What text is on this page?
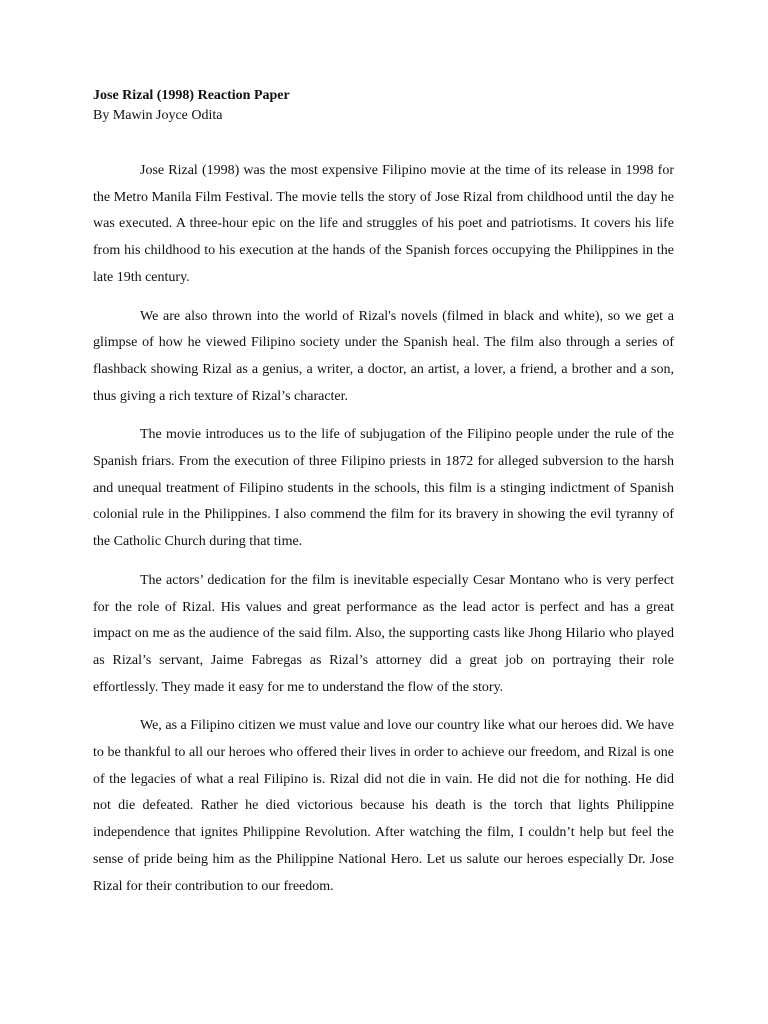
Jose Rizal (1998) Reaction Paper

By Mawin Joyce Odita

Jose Rizal (1998) was the most expensive Filipino movie at the time of its release in 1998 for the Metro Manila Film Festival. The movie tells the story of Jose Rizal from childhood until the day he was executed. A three-hour epic on the life and struggles of his poet and patriotisms. It covers his life from his childhood to his execution at the hands of the Spanish forces occupying the Philippines in the late 19th century.

We are also thrown into the world of Rizal's novels (filmed in black and white), so we get a glimpse of how he viewed Filipino society under the Spanish heal. The film also through a series of flashback showing Rizal as a genius, a writer, a doctor, an artist, a lover, a friend, a brother and a son, thus giving a rich texture of Rizal’s character.

The movie introduces us to the life of subjugation of the Filipino people under the rule of the Spanish friars. From the execution of three Filipino priests in 1872 for alleged subversion to the harsh and unequal treatment of Filipino students in the schools, this film is a stinging indictment of Spanish colonial rule in the Philippines. I also commend the film for its bravery in showing the evil tyranny of the Catholic Church during that time.

The actors’ dedication for the film is inevitable especially Cesar Montano who is very perfect for the role of Rizal. His values and great performance as the lead actor is perfect and has a great impact on me as the audience of the said film. Also, the supporting casts like Jhong Hilario who played as Rizal’s servant, Jaime Fabregas as Rizal’s attorney did a great job on portraying their role effortlessly. They made it easy for me to understand the flow of the story.

We, as a Filipino citizen we must value and love our country like what our heroes did. We have to be thankful to all our heroes who offered their lives in order to achieve our freedom, and Rizal is one of the legacies of what a real Filipino is. Rizal did not die in vain. He did not die for nothing. He did not die defeated. Rather he died victorious because his death is the torch that lights Philippine independence that ignites Philippine Revolution. After watching the film, I couldn’t help but feel the sense of pride being him as the Philippine National Hero. Let us salute our heroes especially Dr. Jose Rizal for their contribution to our freedom.
